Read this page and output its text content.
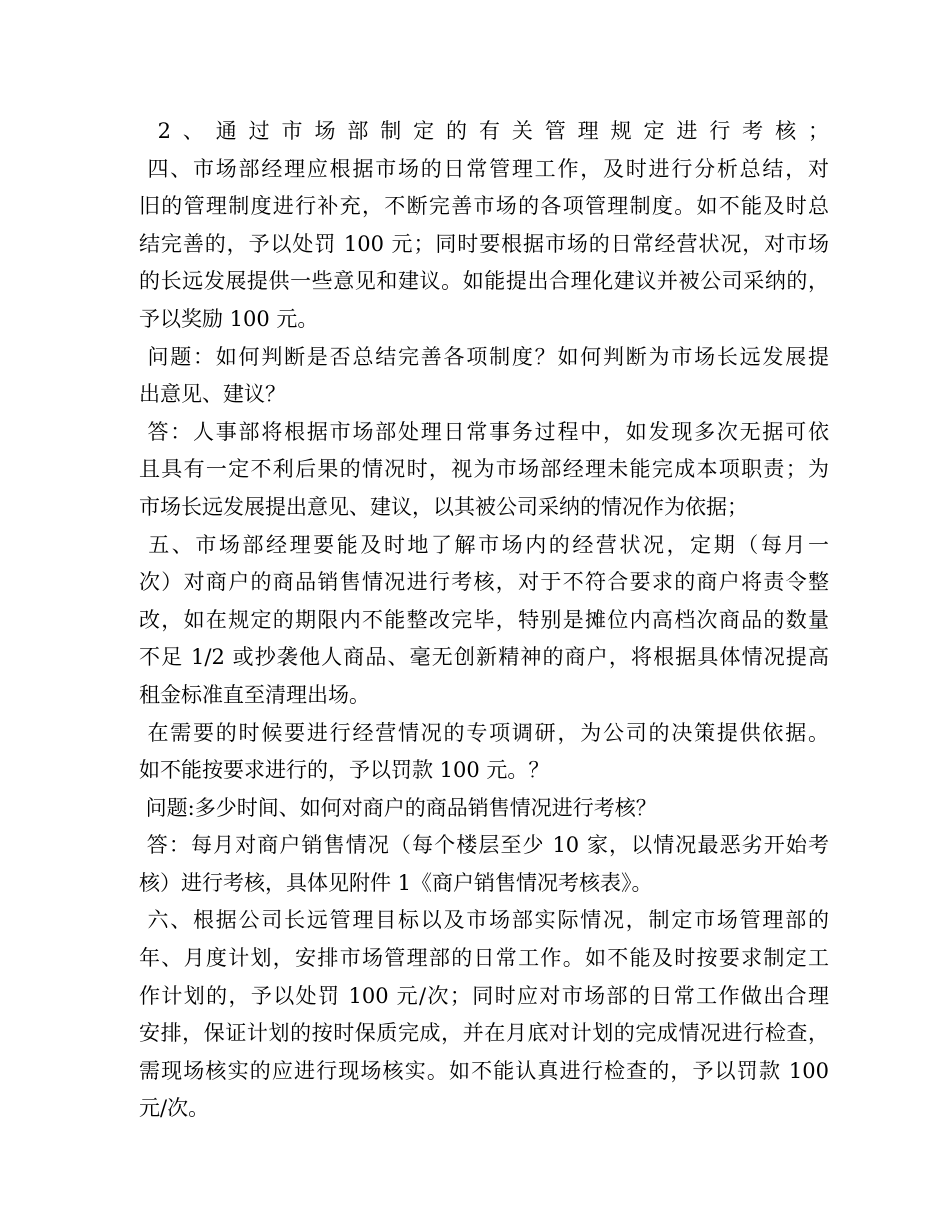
2、通过市场部制定的有关管理规定进行考核；
四、市场部经理应根据市场的日常管理工作，及时进行分析总结，对
旧的管理制度进行补充，不断完善市场的各项管理制度。如不能及时总
结完善的，予以处罚 100 元；同时要根据市场的日常经营状况，对市场
的长远发展提供一些意见和建议。如能提出合理化建议并被公司采纳的，
予以奖励 100 元。
问题：如何判断是否总结完善各项制度？如何判断为市场长远发展提
出意见、建议？
答：人事部将根据市场部处理日常事务过程中，如发现多次无据可依
且具有一定不利后果的情况时，视为市场部经理未能完成本项职责；为
市场长远发展提出意见、建议，以其被公司采纳的情况作为依据；
五、市场部经理要能及时地了解市场内的经营状况，定期（每月一
次）对商户的商品销售情况进行考核，对于不符合要求的商户将责令整
改，如在规定的期限内不能整改完毕，特别是摊位内高档次商品的数量
不足 1/2 或抄袭他人商品、毫无创新精神的商户，将根据具体情况提高
租金标准直至清理出场。
在需要的时候要进行经营情况的专项调研，为公司的决策提供依据。
如不能按要求进行的，予以罚款 100 元。？
问题:多少时间、如何对商户的商品销售情况进行考核？
答：每月对商户销售情况（每个楼层至少 10 家，以情况最恶劣开始考
核）进行考核，具体见附件 1《商户销售情况考核表》。
六、根据公司长远管理目标以及市场部实际情况，制定市场管理部的
年、月度计划，安排市场管理部的日常工作。如不能及时按要求制定工
作计划的，予以处罚 100 元/次；同时应对市场部的日常工作做出合理
安排，保证计划的按时保质完成，并在月底对计划的完成情况进行检查，
需现场核实的应进行现场核实。如不能认真进行检查的，予以罚款 100
元/次。
